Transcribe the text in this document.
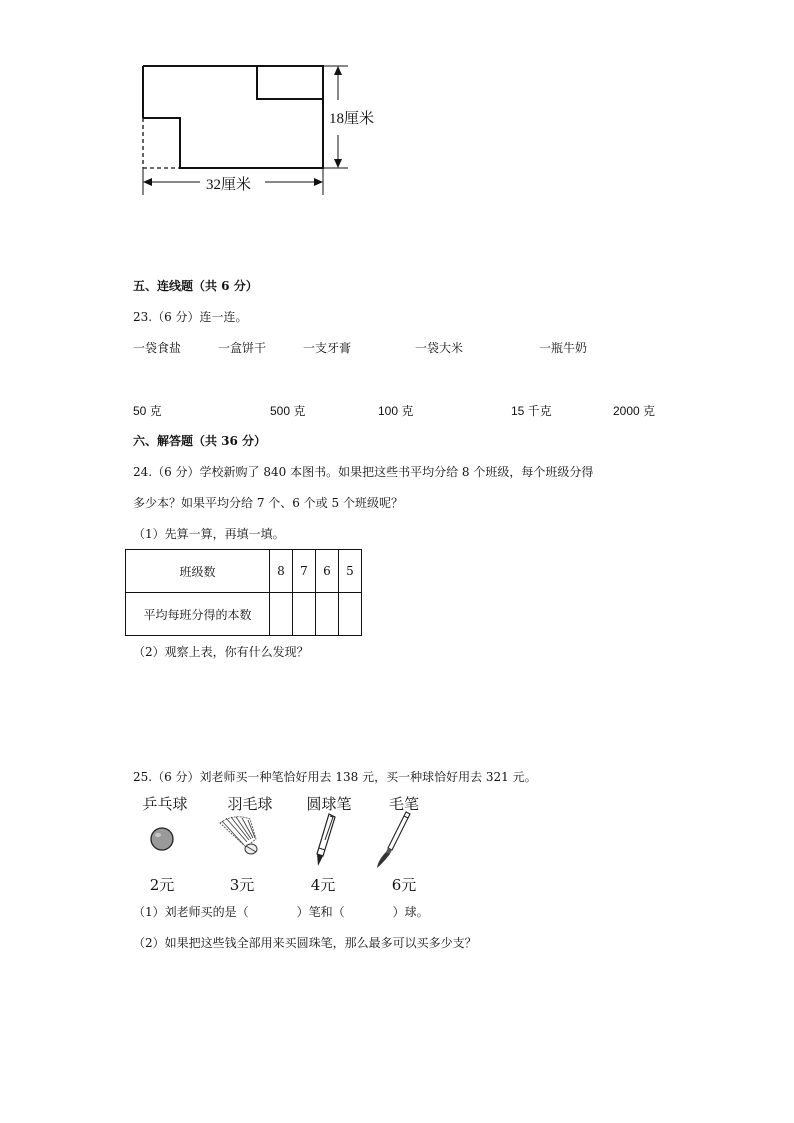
18厘米
32厘米
五、连线题（共 6 分）
23.（6 分）连一连。
一袋食盐	一盒饼干	一支牙膏	一袋大米	一瓶牛奶
50 克	500 克	100 克	15 千克	2000 克
六、解答题（共 36 分）
24.（6 分）学校新购了 840 本图书。如果把这些书平均分给 8 个班级，每个班级分得
多少本？如果平均分给 7 个、6 个或 5 个班级呢？
（1）先算一算，再填一填。
班级数	8	7	6	5
平均每班分得的本数				
（2）观察上表，你有什么发现？
25.（6 分）刘老师买一种笔恰好用去 138 元，买一种球恰好用去 321 元。
乒乓球	羽毛球	圆球笔	毛笔
2元	3元	4元	6元
（1）刘老师买的是（　　　　）笔和（　　　　）球。
（2）如果把这些钱全部用来买圆珠笔，那么最多可以买多少支？
